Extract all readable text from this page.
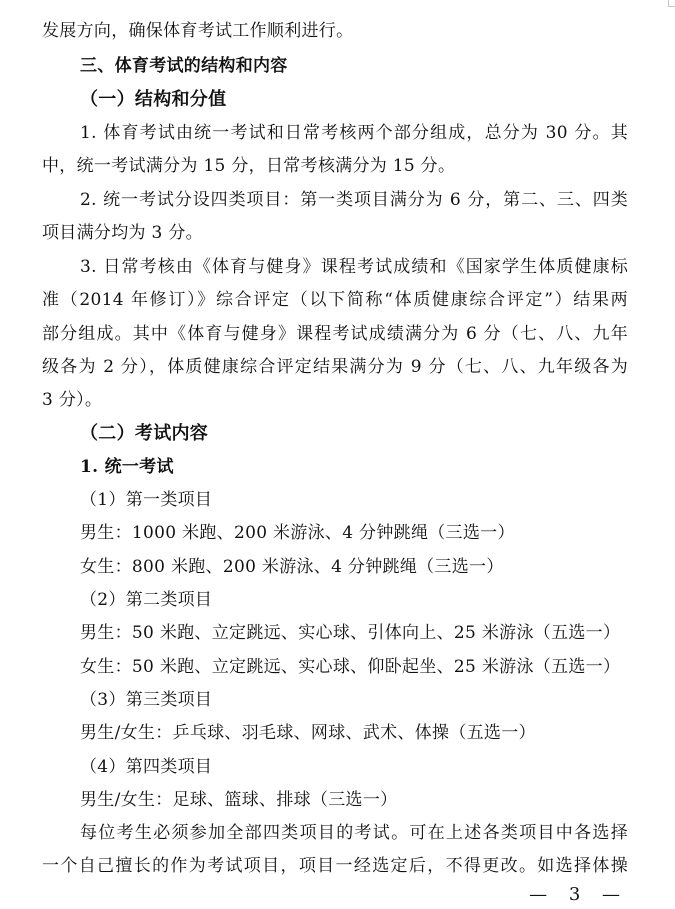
发展方向，确保体育考试工作顺利进行。
三、体育考试的结构和内容
（一）结构和分值
1. 体育考试由统一考试和日常考核两个部分组成，总分为 30 分。其
中，统一考试满分为 15 分，日常考核满分为 15 分。
2. 统一考试分设四类项目：第一类项目满分为 6 分，第二、三、四类
项目满分均为 3 分。
3. 日常考核由《体育与健身》课程考试成绩和《国家学生体质健康标
准（2014 年修订）》综合评定（以下简称“体质健康综合评定”）结果两
部分组成。其中《体育与健身》课程考试成绩满分为 6 分（七、八、九年
级各为 2 分），体质健康综合评定结果满分为 9 分（七、八、九年级各为
3 分）。
（二）考试内容
1. 统一考试
（1）第一类项目
男生：1000 米跑、200 米游泳、4 分钟跳绳（三选一）
女生：800 米跑、200 米游泳、4 分钟跳绳（三选一）
（2）第二类项目
男生：50 米跑、立定跳远、实心球、引体向上、25 米游泳（五选一）
女生：50 米跑、立定跳远、实心球、仰卧起坐、25 米游泳（五选一）
（3）第三类项目
男生/女生：乒乓球、羽毛球、网球、武术、体操（五选一）
（4）第四类项目
男生/女生：足球、篮球、排球（三选一）
每位考生必须参加全部四类项目的考试。可在上述各类项目中各选择
一个自己擅长的作为考试项目，项目一经选定后，不得更改。如选择体操
— 3 —
